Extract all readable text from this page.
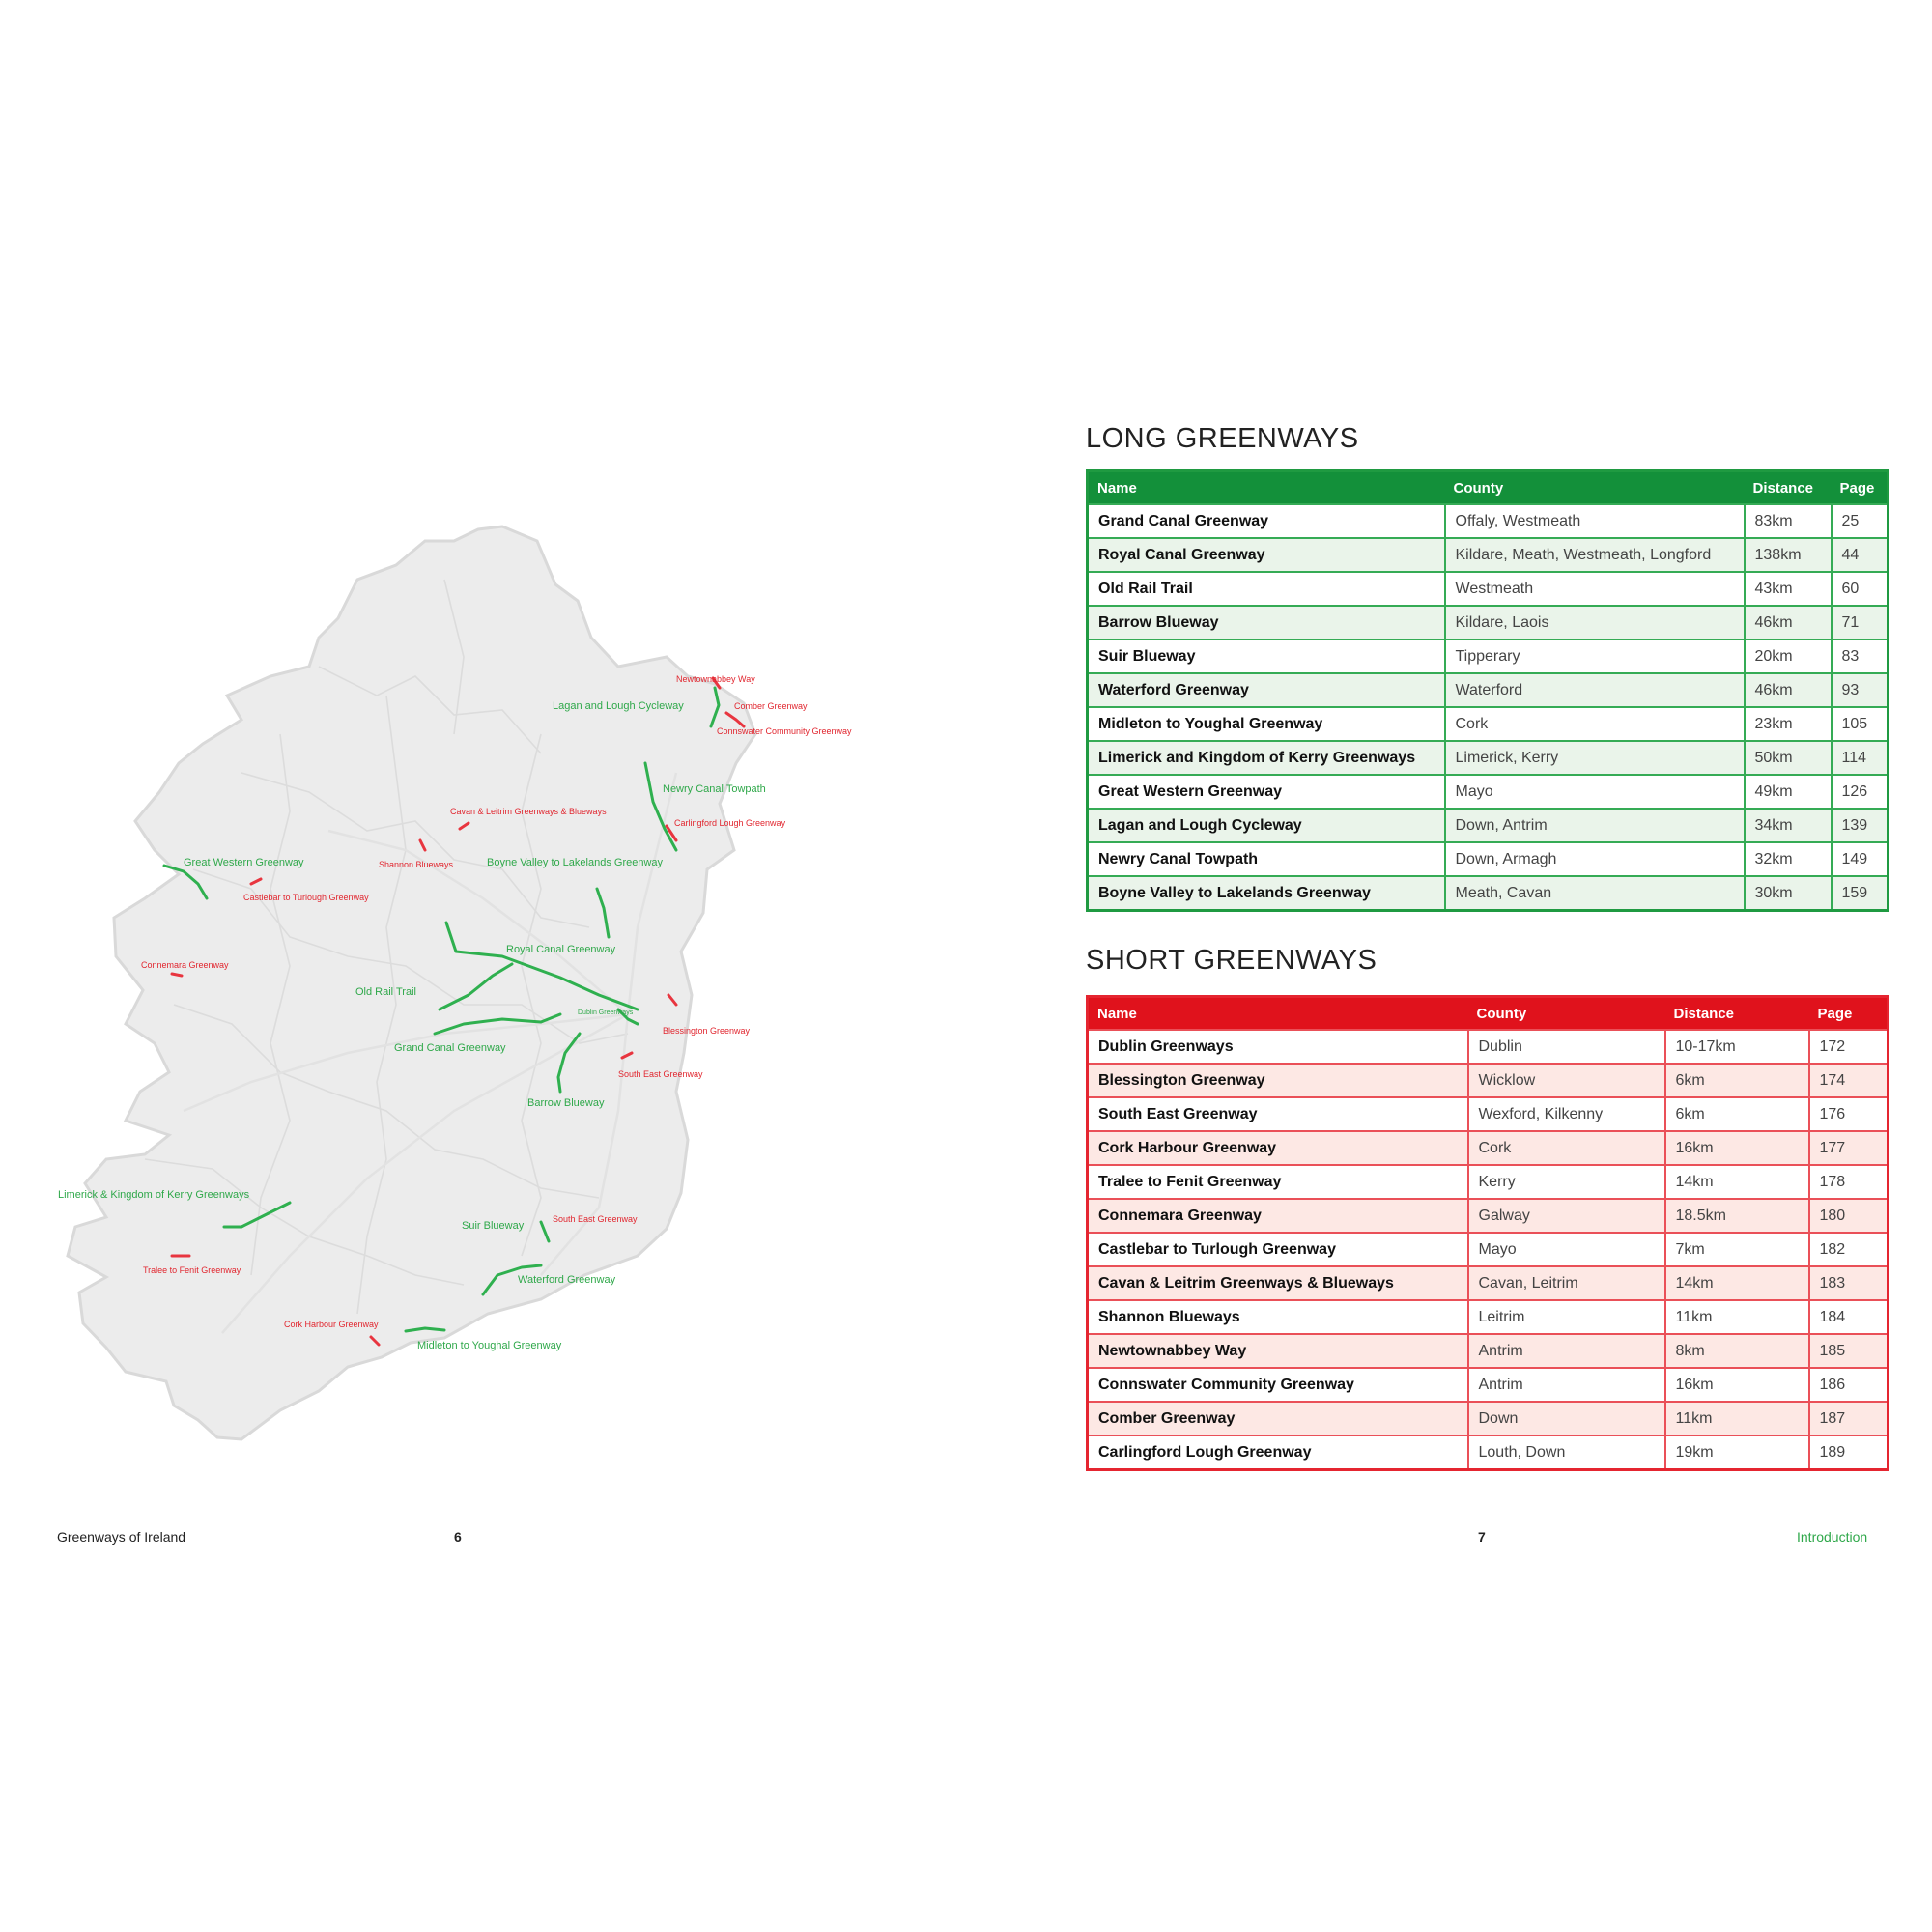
Great Western Greenway
Castlebar to Turlough Greenway
Connemara Greenway
Lagan and Lough Cycleway
Newtownabbey Way
Comber Greenway
Connswater Community Greenway
Newry Canal Towpath
Carlingford Lough Greenway
Cavan & Leitrim Greenways & Blueways
Shannon Blueways	Boyne Valley to Lakelands Greenway
Royal Canal Greenway
Old Rail Trail
Grand Canal Greenway
Dublin Greenways
Blessington Greenway
Barrow Blueway
South East Greenway
Limerick & Kingdom of Kerry Greenways
Tralee to Fenit Greenway
Suir Blueway
South East Greenway
Waterford Greenway
Cork Harbour Greenway
Midleton to Youghal Greenway
LONG GREENWAYS
Name	County	Distance	Page
Grand Canal Greenway	Offaly, Westmeath	83km	25
Royal Canal Greenway	Kildare, Meath, Westmeath, Longford	138km	44
Old Rail Trail	Westmeath	43km	60
Barrow Blueway	Kildare, Laois	46km	71
Suir Blueway	Tipperary	20km	83
Waterford Greenway	Waterford	46km	93
Midleton to Youghal Greenway	Cork	23km	105
Limerick and Kingdom of Kerry Greenways	Limerick, Kerry	50km	114
Great Western Greenway	Mayo	49km	126
Lagan and Lough Cycleway	Down, Antrim	34km	139
Newry Canal Towpath	Down, Armagh	32km	149
Boyne Valley to Lakelands Greenway	Meath, Cavan	30km	159
SHORT GREENWAYS
Name	County	Distance	Page
Dublin Greenways	Dublin	10-17km	172
Blessington Greenway	Wicklow	6km	174
South East Greenway	Wexford, Kilkenny	6km	176
Cork Harbour Greenway	Cork	16km	177
Tralee to Fenit Greenway	Kerry	14km	178
Connemara Greenway	Galway	18.5km	180
Castlebar to Turlough Greenway	Mayo	7km	182
Cavan & Leitrim Greenways & Blueways	Cavan, Leitrim	14km	183
Shannon Blueways	Leitrim	11km	184
Newtownabbey Way	Antrim	8km	185
Connswater Community Greenway	Antrim	16km	186
Comber Greenway	Down	11km	187
Carlingford Lough Greenway	Louth, Down	19km	189
Greenways of Ireland	6	7	Introduction
